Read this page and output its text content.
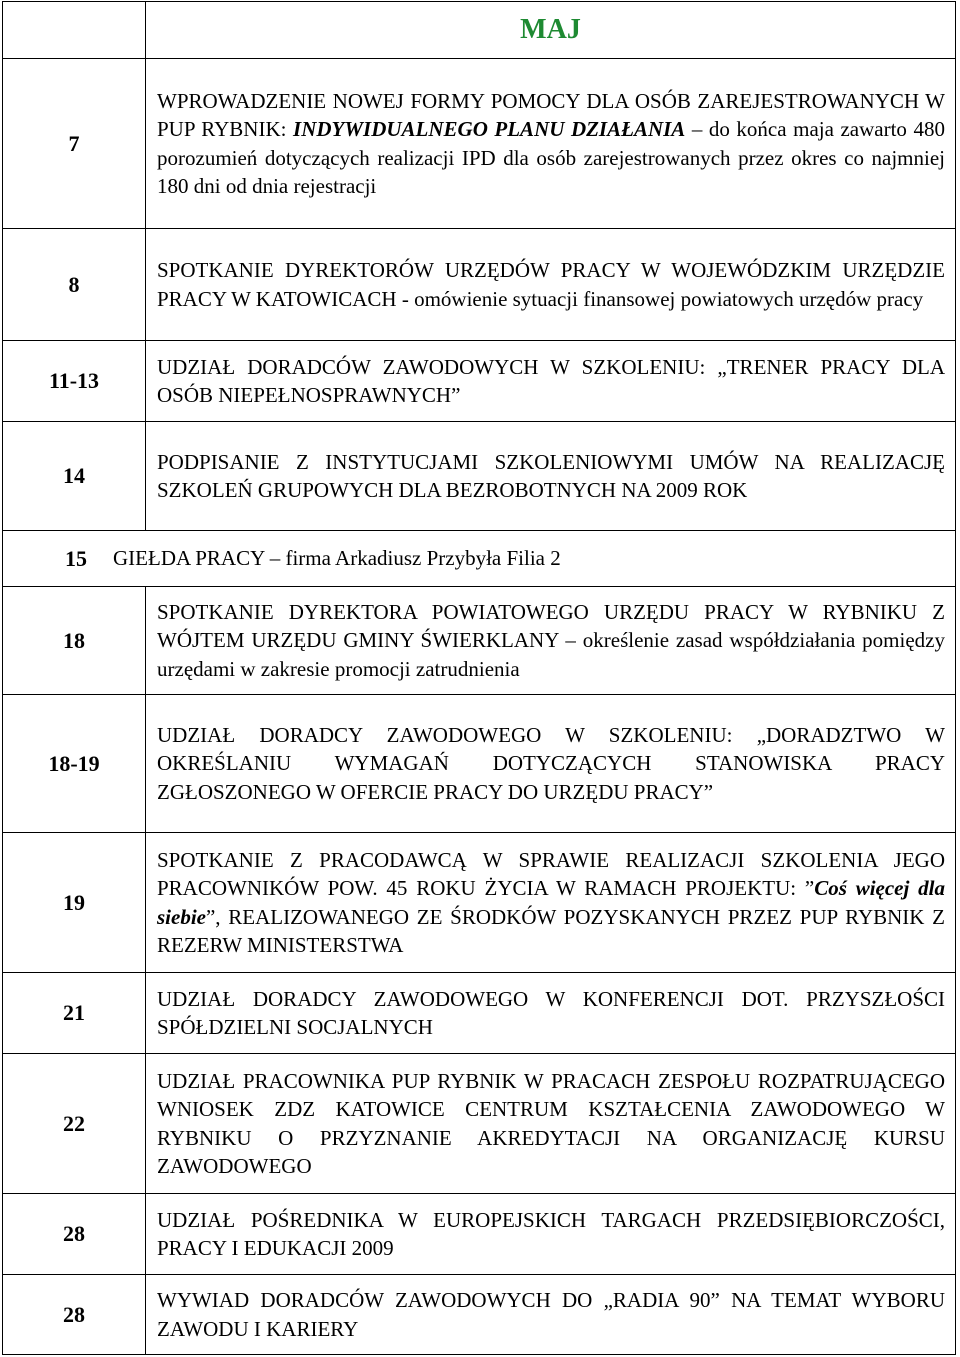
MAJ
7
WPROWADZENIE NOWEJ FORMY POMOCY DLA OSÓB ZAREJESTROWANYCH W PUP RYBNIK: INDYWIDUALNEGO PLANU DZIAŁANIA – do końca maja zawarto 480 porozumień dotyczących realizacji IPD dla osób zarejestrowanych przez okres co najmniej 180 dni od dnia rejestracji
8
SPOTKANIE DYREKTORÓW URZĘDÓW PRACY W WOJEWÓDZKIM URZĘDZIE PRACY W KATOWICACH - omówienie sytuacji finansowej powiatowych urzędów pracy
11-13
UDZIAŁ DORADCÓW ZAWODOWYCH W SZKOLENIU: „TRENER PRACY DLA OSÓB NIEPEŁNOSPRAWNYCH”
14
PODPISANIE Z INSTYTUCJAMI SZKOLENIOWYMI UMÓW NA REALIZACJĘ SZKOLEŃ GRUPOWYCH DLA BEZROBOTNYCH NA 2009 ROK
15 GIEŁDA PRACY – firma Arkadiusz Przybyła Filia 2
18
SPOTKANIE DYREKTORA POWIATOWEGO URZĘDU PRACY W RYBNIKU Z WÓJTEM URZĘDU GMINY ŚWIERKLANY – określenie zasad współdziałania pomiędzy urzędami w zakresie promocji zatrudnienia
18-19
UDZIAŁ DORADCY ZAWODOWEGO W SZKOLENIU: „DORADZTWO W OKREŚLANIU WYMAGAŃ DOTYCZĄCYCH STANOWISKA PRACY ZGŁOSZONEGO W OFERCIE PRACY DO URZĘDU PRACY”
19
SPOTKANIE Z PRACODAWCĄ W SPRAWIE REALIZACJI SZKOLENIA JEGO PRACOWNIKÓW POW. 45 ROKU ŻYCIA W RAMACH PROJEKTU: ”Coś więcej dla siebie”, REALIZOWANEGO ZE ŚRODKÓW POZYSKANYCH PRZEZ PUP RYBNIK Z REZERW MINISTERSTWA
21
UDZIAŁ DORADCY ZAWODOWEGO W KONFERENCJI DOT. PRZYSZŁOŚCI SPÓŁDZIELNI SOCJALNYCH
22
UDZIAŁ PRACOWNIKA PUP RYBNIK W PRACACH ZESPOŁU ROZPATRUJĄCEGO WNIOSEK ZDZ KATOWICE CENTRUM KSZTAŁCENIA ZAWODOWEGO W RYBNIKU O PRZYZNANIE AKREDYTACJI NA ORGANIZACJĘ KURSU ZAWODOWEGO
28
UDZIAŁ POŚREDNIKA W EUROPEJSKICH TARGACH PRZEDSIĘBIORCZOŚCI, PRACY I EDUKACJI 2009
28
WYWIAD DORADCÓW ZAWODOWYCH DO „RADIA 90” NA TEMAT WYBORU ZAWODU I KARIERY
